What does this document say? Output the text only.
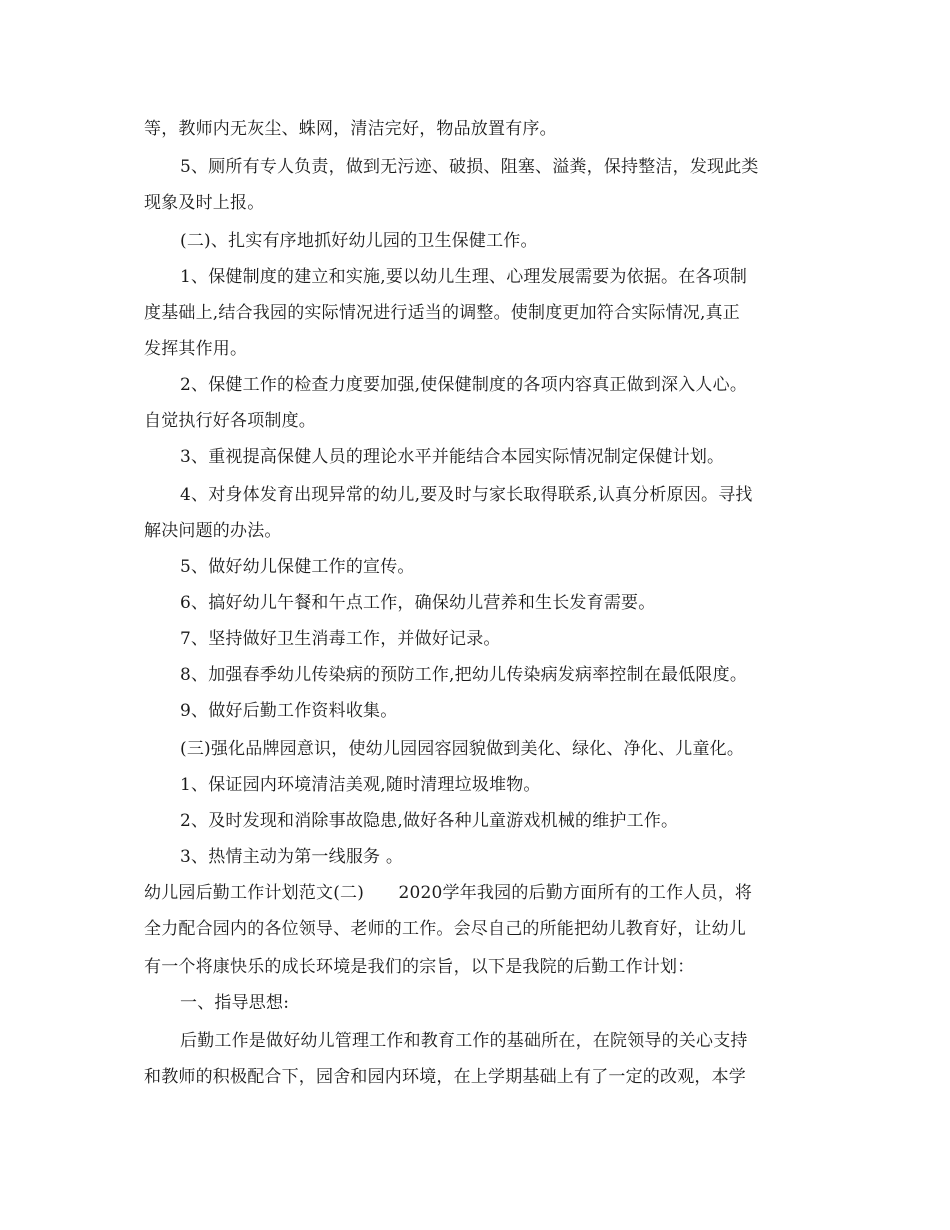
等，教师内无灰尘、蛛网，清洁完好，物品放置有序。
5、厕所有专人负责，做到无污迹、破损、阻塞、溢粪，保持整洁，发现此类
现象及时上报。
(二)、扎实有序地抓好幼儿园的卫生保健工作。
1、保健制度的建立和实施,要以幼儿生理、心理发展需要为依据。在各项制
度基础上,结合我园的实际情况进行适当的调整。使制度更加符合实际情况,真正
发挥其作用。
2、保健工作的检查力度要加强,使保健制度的各项内容真正做到深入人心。
自觉执行好各项制度。
3、重视提高保健人员的理论水平并能结合本园实际情况制定保健计划。
4、对身体发育出现异常的幼儿,要及时与家长取得联系,认真分析原因。寻找
解决问题的办法。
5、做好幼儿保健工作的宣传。
6、搞好幼儿午餐和午点工作，确保幼儿营养和生长发育需要。
7、坚持做好卫生消毒工作，并做好记录。
8、加强春季幼儿传染病的预防工作,把幼儿传染病发病率控制在最低限度。
9、做好后勤工作资料收集。
(三)强化品牌园意识，使幼儿园园容园貌做到美化、绿化、净化、儿童化。
1、保证园内环境清洁美观,随时清理垃圾堆物。
2、及时发现和消除事故隐患,做好各种儿童游戏机械的维护工作。
3、热情主动为第一线服务 。
幼儿园后勤工作计划范文(二)　　2020学年我园的后勤方面所有的工作人员，将
全力配合园内的各位领导、老师的工作。会尽自己的所能把幼儿教育好，让幼儿
有一个将康快乐的成长环境是我们的宗旨，以下是我院的后勤工作计划：
一、指导思想:
后勤工作是做好幼儿管理工作和教育工作的基础所在，在院领导的关心支持
和教师的积极配合下，园舍和园内环境，在上学期基础上有了一定的改观，本学
